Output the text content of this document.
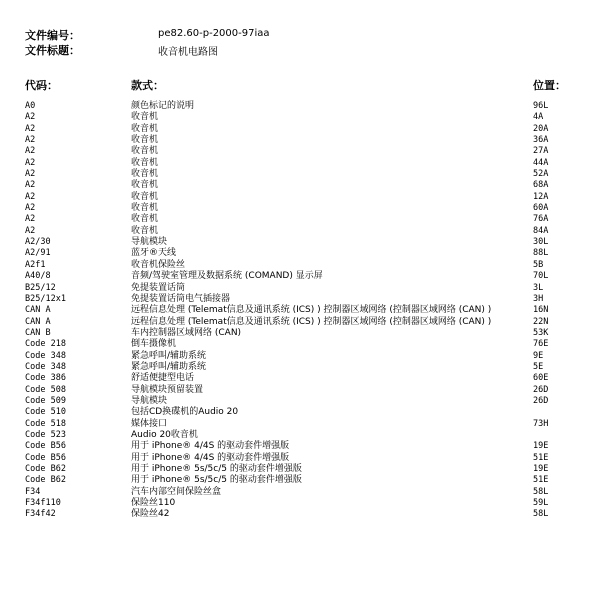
文件编号：	pe82.60-p-2000-97iaa
文件标题：	收音机电路图
代码：	款式：	位置：
A0	颜色标记的说明	96L
A2	收音机	4A
A2	收音机	20A
A2	收音机	36A
A2	收音机	27A
A2	收音机	44A
A2	收音机	52A
A2	收音机	68A
A2	收音机	12A
A2	收音机	60A
A2	收音机	76A
A2	收音机	84A
A2/30	导航模块	30L
A2/91	蓝牙®天线	88L
A2f1	收音机保险丝	5B
A40/8	音频/驾驶室管理及数据系统 (COMAND) 显示屏	70L
B25/12	免提装置话筒	3L
B25/12x1	免提装置话筒电气插接器	3H
CAN A	远程信息处理 (Telemat信息及通讯系统 (ICS) ) 控制器区域网络 (控制器区域网络 (CAN) )	16N
CAN A	远程信息处理 (Telemat信息及通讯系统 (ICS) ) 控制器区域网络 (控制器区域网络 (CAN) )	22N
CAN B	车内控制器区域网络 (CAN)	53K
Code 218	倒车摄像机	76E
Code 348	紧急呼叫/辅助系统	9E
Code 348	紧急呼叫/辅助系统	5E
Code 386	舒适便捷型电话	60E
Code 508	导航模块预留装置	26D
Code 509	导航模块	26D
Code 510	包括CD换碟机的Audio 20
Code 518	媒体接口	73H
Code 523	Audio 20收音机
Code B56	用于 iPhone® 4/4S 的驱动套件增强版	19E
Code B56	用于 iPhone® 4/4S 的驱动套件增强版	51E
Code B62	用于 iPhone® 5s/5c/5 的驱动套件增强版	19E
Code B62	用于 iPhone® 5s/5c/5 的驱动套件增强版	51E
F34	汽车内部空间保险丝盒	58L
F34f110	保险丝110	59L
F34f42	保险丝42	58L
